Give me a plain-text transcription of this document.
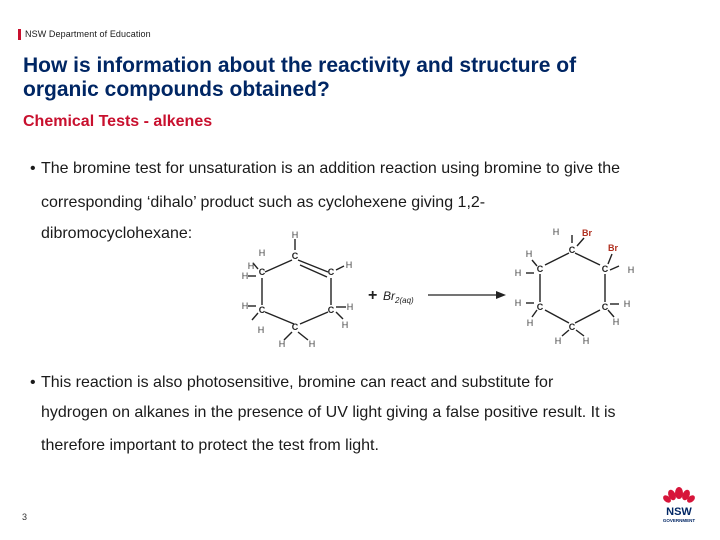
NSW Department of Education
How is information about the reactivity and structure of
organic compounds obtained?
Chemical Tests - alkenes
• The bromine test for unsaturation is an addition reaction using bromine to give the
corresponding ‘dihalo’ product such as cyclohexene giving 1,2-
dibromocyclohexane:
C
C
C
C
C
C
H
H
H
H
H
H
H
H
H
H
H
+ $Br_{2(aq)}$
C
C
C
C
C
C
H
H
H
H
H
H
H
H
H
H
Br
Br
• This reaction is also photosensitive, bromine can react and substitute for
hydrogen on alkanes in the presence of UV light giving a false positive result. It is
therefore important to protect the test from light.
3	NSW
GOVERNMENT
